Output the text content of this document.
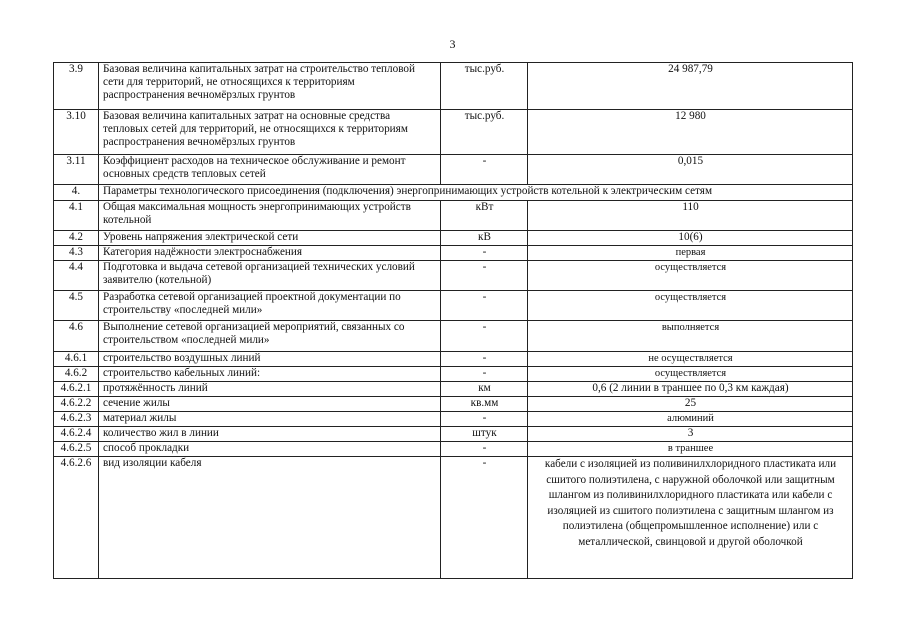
3
3.9	Базовая величина капитальных затрат на строительство тепловой сети для территорий, не относящихся к территориям распространения вечномёрзлых грунтов	тыс.руб.	24 987,79
3.10	Базовая величина капитальных затрат на основные средства тепловых сетей для территорий, не относящихся к территориям распространения вечномёрзлых грунтов	тыс.руб.	12 980
3.11	Коэффициент расходов на техническое обслуживание и ремонт основных средств тепловых сетей	-	0,015
4.	Параметры технологического присоединения (подключения) энергопринимающих устройств котельной к электрическим сетям		
4.1	Общая максимальная мощность энергопринимающих устройств котельной	кВт	110
4.2	Уровень напряжения электрической сети	кВ	10(6)
4.3	Категория надёжности электроснабжения	-	первая
4.4	Подготовка и выдача сетевой организацией технических условий заявителю (котельной)	-	осуществляется
4.5	Разработка сетевой организацией проектной документации по строительству «последней мили»	-	осуществляется
4.6	Выполнение сетевой организацией мероприятий, связанных со строительством «последней мили»	-	выполняется
4.6.1	строительство воздушных линий	-	не осуществляется
4.6.2	строительство кабельных линий:	-	осуществляется
4.6.2.1	протяжённость линий	км	0,6 (2 линии в траншее по 0,3 км каждая)
4.6.2.2	сечение жилы	кв.мм	25
4.6.2.3	материал жилы	-	алюминий
4.6.2.4	количество жил в линии	штук	3
4.6.2.5	способ прокладки	-	в траншее
4.6.2.6	вид изоляции кабеля	-	кабели с изоляцией из поливинилхлоридного пластиката или сшитого полиэтилена, с наружной оболочкой или защитным шлангом из поливинилхлоридного пластиката или кабели с изоляцией из сшитого полиэтилена с защитным шлангом из полиэтилена (общепромышленное исполнение) или с металлической, свинцовой и другой оболочкой
